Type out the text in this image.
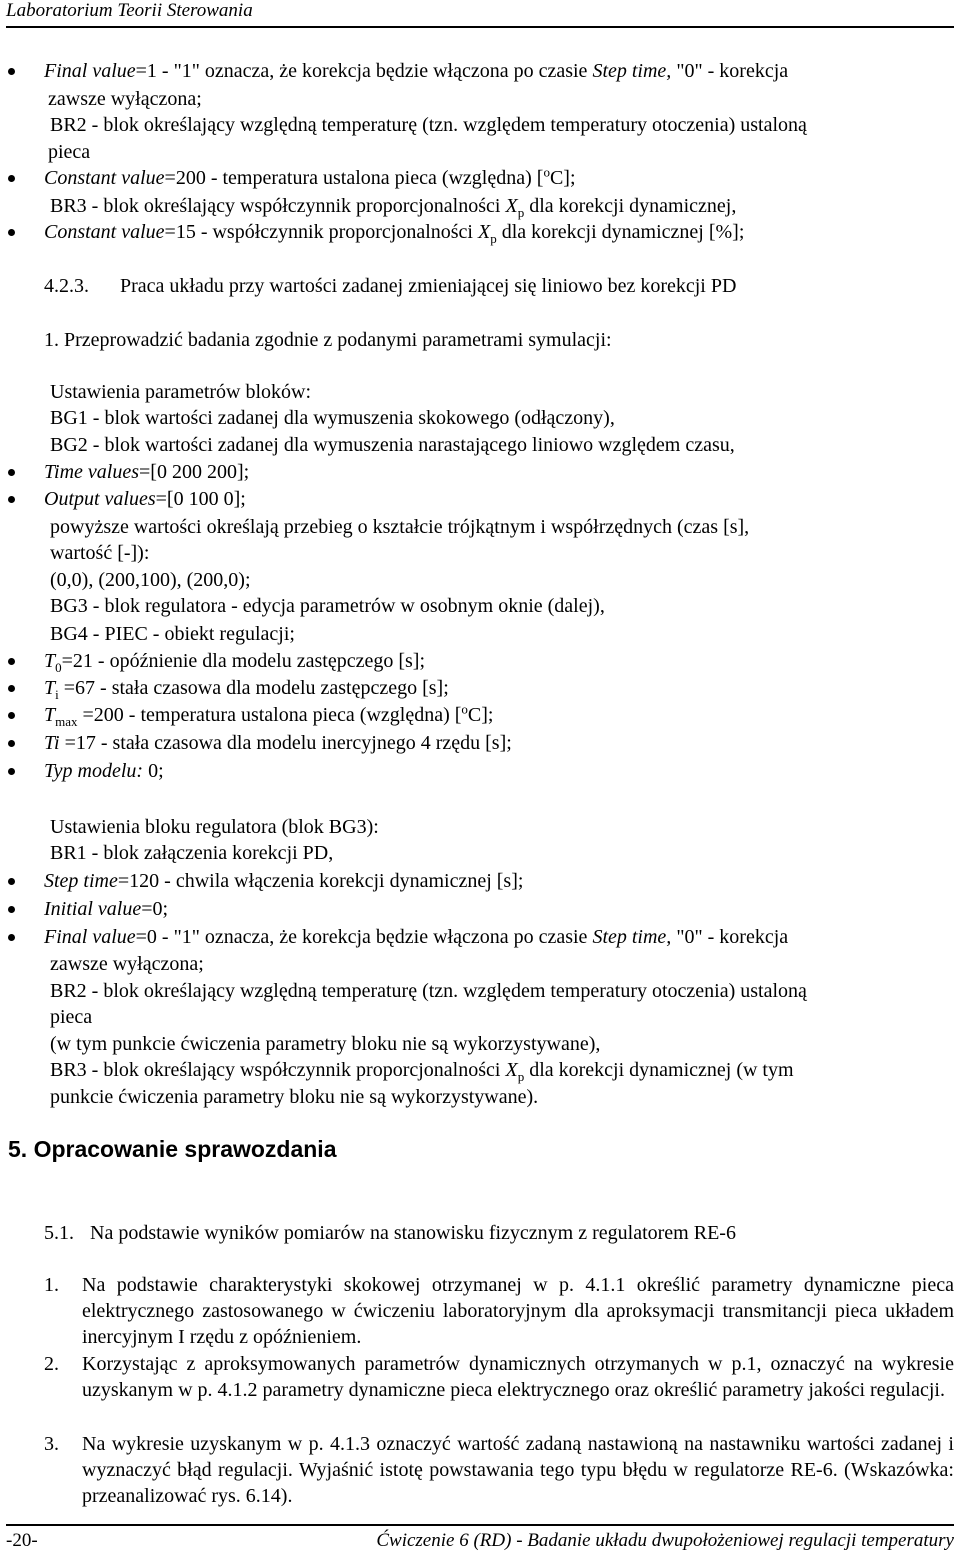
Laboratorium Teorii Sterowania
Final value=1 - "1" oznacza, że korekcja będzie włączona po czasie Step time, "0" - korekcja
zawsze wyłączona;
BR2 - blok określający względną temperaturę (tzn. względem temperatury otoczenia) ustaloną
pieca
Constant value=200 - temperatura ustalona pieca (względna) [$^o$C];
BR3 - blok określający współczynnik proporcjonalności $X_p$ dla korekcji dynamicznej,
Constant value=15 - współczynnik proporcjonalności $X_p$ dla korekcji dynamicznej [%];
4.2.3. Praca układu przy wartości zadanej zmieniającej się liniowo bez korekcji PD
1. Przeprowadzić badania zgodnie z podanymi parametrami symulacji:
Ustawienia parametrów bloków:
BG1 - blok wartości zadanej dla wymuszenia skokowego (odłączony),
BG2 - blok wartości zadanej dla wymuszenia narastającego liniowo względem czasu,
Time values=[0 200 200];
Output values=[0 100 0];
powyższe wartości określają przebieg o kształcie trójkątnym i współrzędnych (czas [s],
wartość [-]):
(0,0), (200,100), (200,0);
BG3 - blok regulatora - edycja parametrów w osobnym oknie (dalej),
BG4 - PIEC - obiekt regulacji;
$T_0=21$ - opóźnienie dla modelu zastępczego [s];
$T_i =67$ - stała czasowa dla modelu zastępczego [s];
$T_{max} =200$ - temperatura ustalona pieca (względna) [$^o$C];
Ti =17 - stała czasowa dla modelu inercyjnego 4 rzędu [s];
Typ modelu: 0;
Ustawienia bloku regulatora (blok BG3):
BR1 - blok załączenia korekcji PD,
Step time=120 - chwila włączenia korekcji dynamicznej [s];
Initial value=0;
Final value=0 - "1" oznacza, że korekcja będzie włączona po czasie Step time, "0" - korekcja
zawsze wyłączona;
BR2 - blok określający względną temperaturę (tzn. względem temperatury otoczenia) ustaloną
pieca
(w tym punkcie ćwiczenia parametry bloku nie są wykorzystywane),
BR3 - blok określający współczynnik proporcjonalności $X_p$ dla korekcji dynamicznej (w tym
punkcie ćwiczenia parametry bloku nie są wykorzystywane).
5. Opracowanie sprawozdania
5.1. Na podstawie wyników pomiarów na stanowisku fizycznym z regulatorem RE-6
1. Na podstawie charakterystyki skokowej otrzymanej w p. 4.1.1 określić parametry dynamiczne pieca elektrycznego zastosowanego w ćwiczeniu laboratoryjnym dla aproksymacji transmitancji pieca układem inercyjnym I rzędu z opóźnieniem.
2. Korzystając z aproksymowanych parametrów dynamicznych otrzymanych w p.1, oznaczyć na wykresie uzyskanym w p. 4.1.2 parametry dynamiczne pieca elektrycznego oraz określić parametry jakości regulacji.
3. Na wykresie uzyskanym w p. 4.1.3 oznaczyć wartość zadaną nastawioną na nastawniku wartości zadanej i wyznaczyć błąd regulacji. Wyjaśnić istotę powstawania tego typu błędu w regulatorze RE-6. (Wskazówka: przeanalizować rys. 6.14).
-20-	Ćwiczenie 6 (RD) - Badanie układu dwupołożeniowej regulacji temperatury
